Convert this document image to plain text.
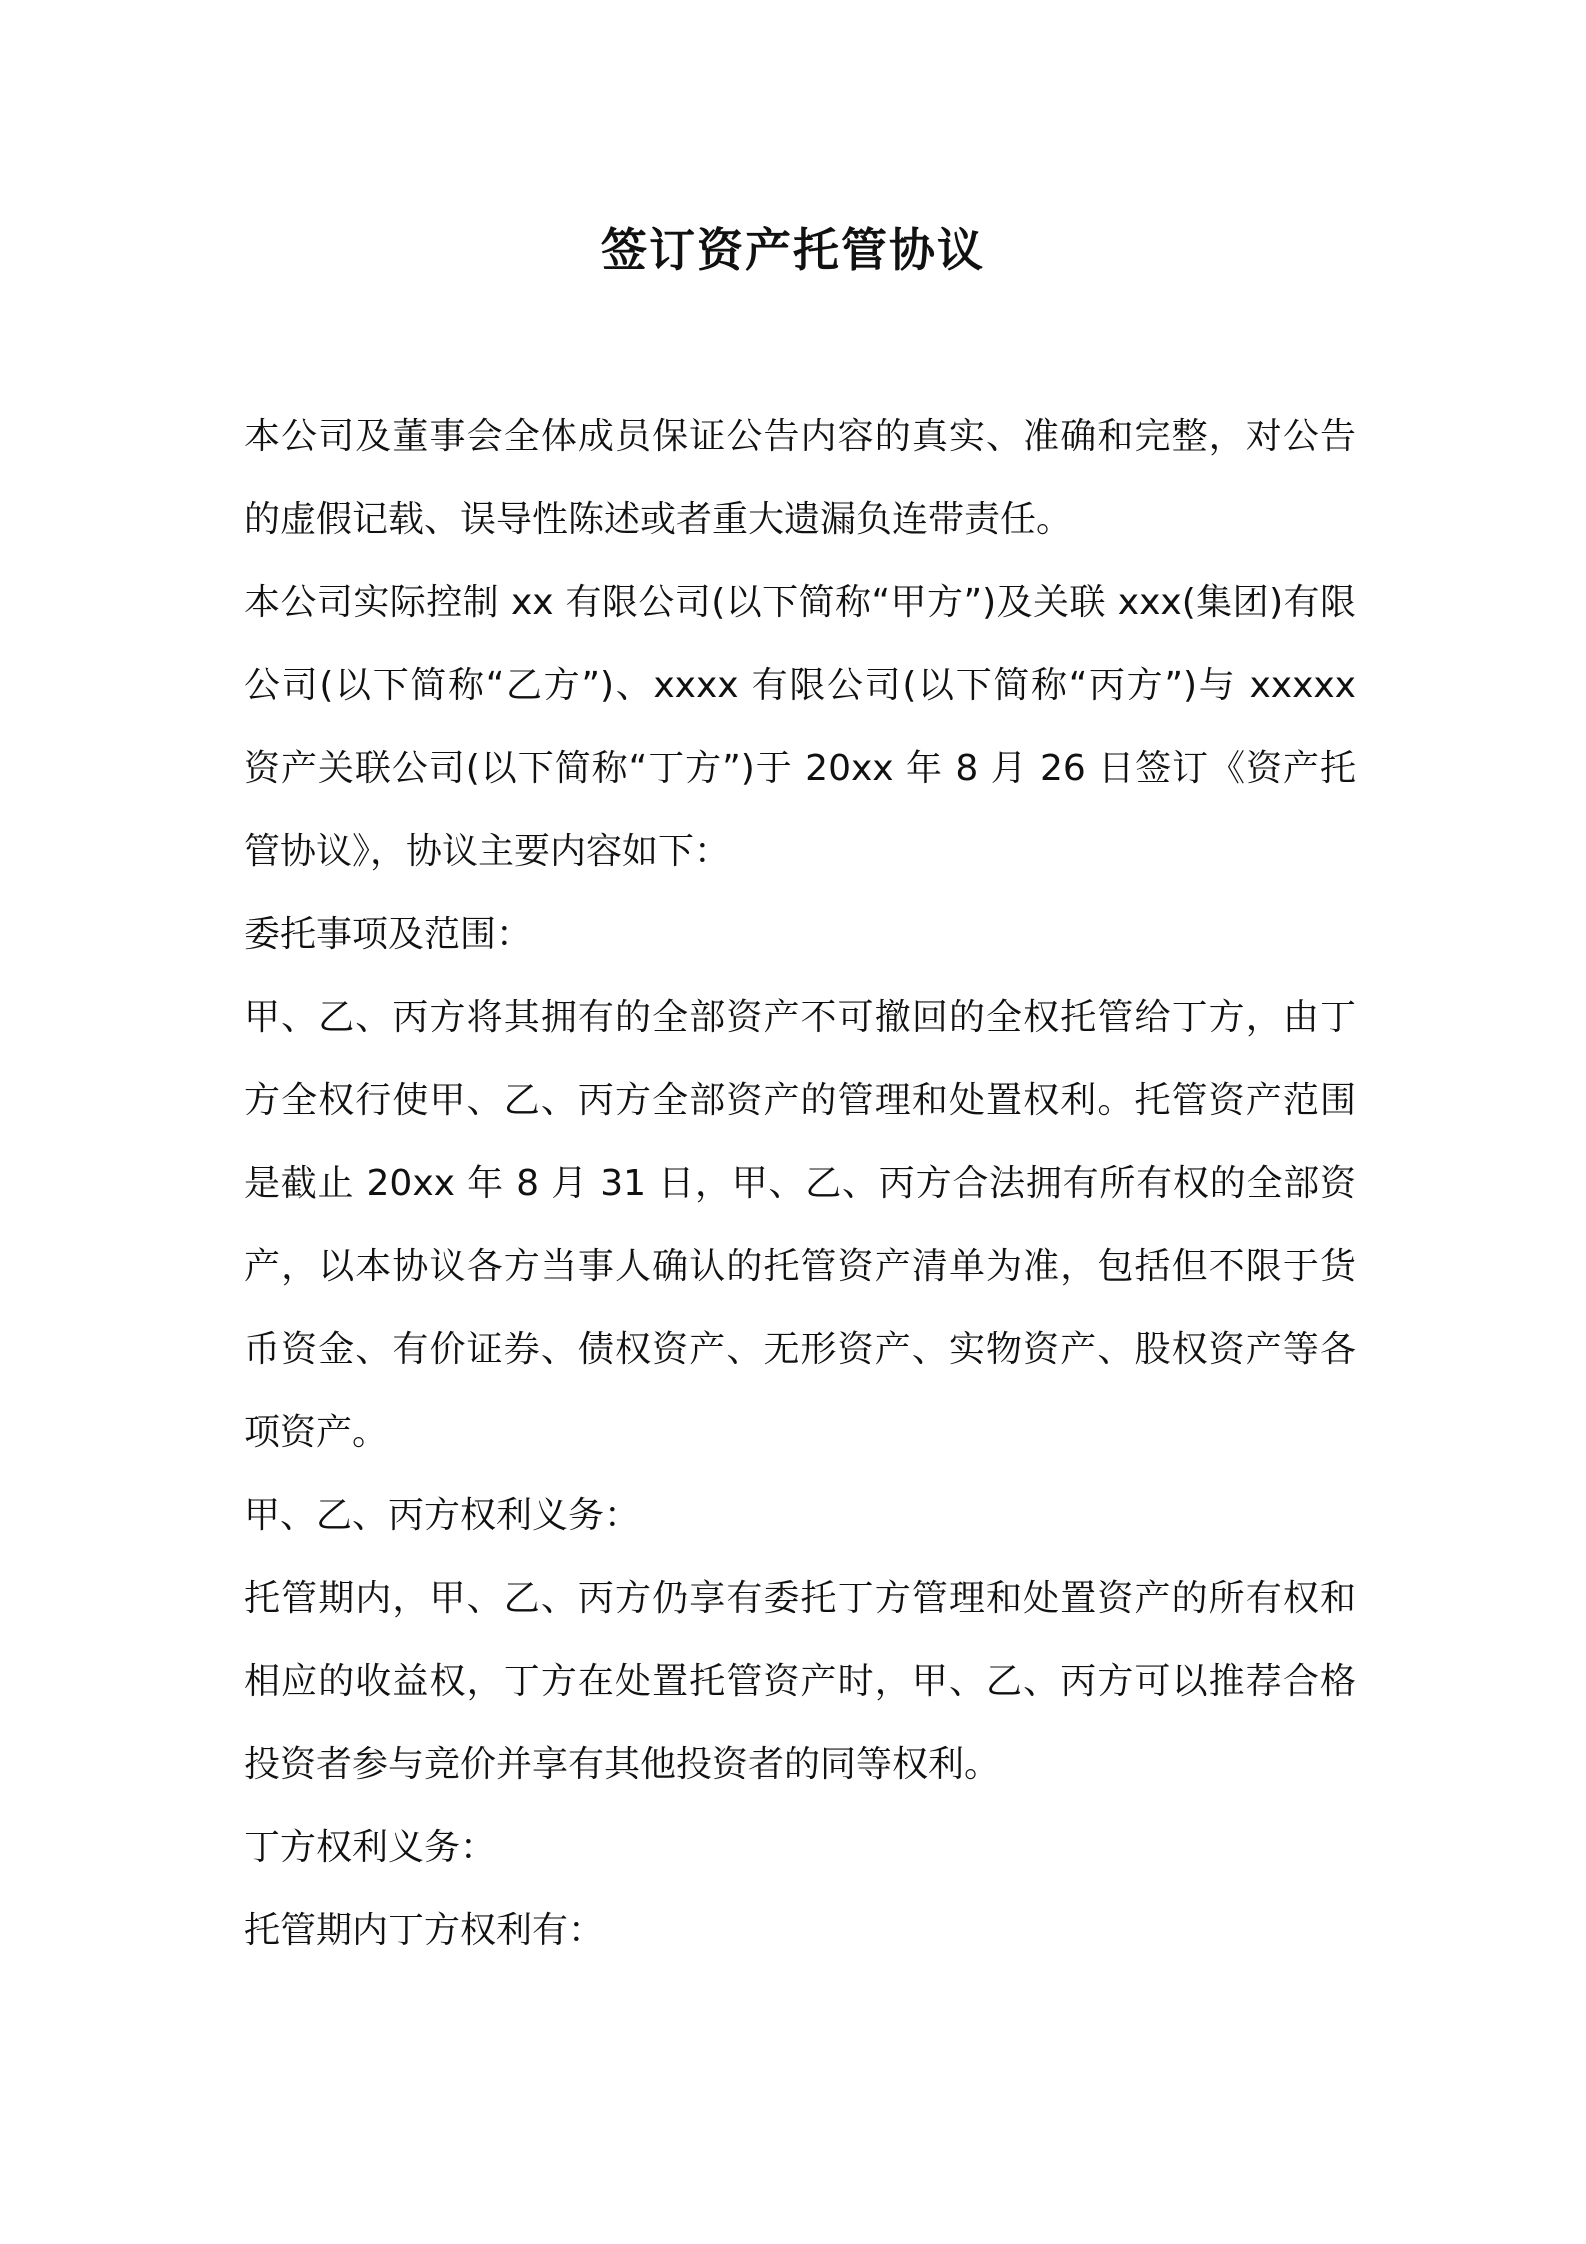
签订资产托管协议

本公司及董事会全体成员保证公告内容的真实、准确和完整，对公告的虚假记载、误导性陈述或者重大遗漏负连带责任。

本公司实际控制 xx 有限公司(以下简称“甲方”)及关联 xxx(集团)有限公司(以下简称“乙方”)、xxxx 有限公司(以下简称“丙方”)与 xxxxx 资产关联公司(以下简称“丁方”)于 20xx 年 8 月 26 日签订《资产托管协议》，协议主要内容如下：

委托事项及范围：

甲、乙、丙方将其拥有的全部资产不可撤回的全权托管给丁方，由丁方全权行使甲、乙、丙方全部资产的管理和处置权利。托管资产范围是截止 20xx 年 8 月 31 日，甲、乙、丙方合法拥有所有权的全部资产，以本协议各方当事人确认的托管资产清单为准，包括但不限于货币资金、有价证券、债权资产、无形资产、实物资产、股权资产等各项资产。

甲、乙、丙方权利义务：

托管期内，甲、乙、丙方仍享有委托丁方管理和处置资产的所有权和相应的收益权，丁方在处置托管资产时，甲、乙、丙方可以推荐合格投资者参与竞价并享有其他投资者的同等权利。

丁方权利义务：

托管期内丁方权利有：
